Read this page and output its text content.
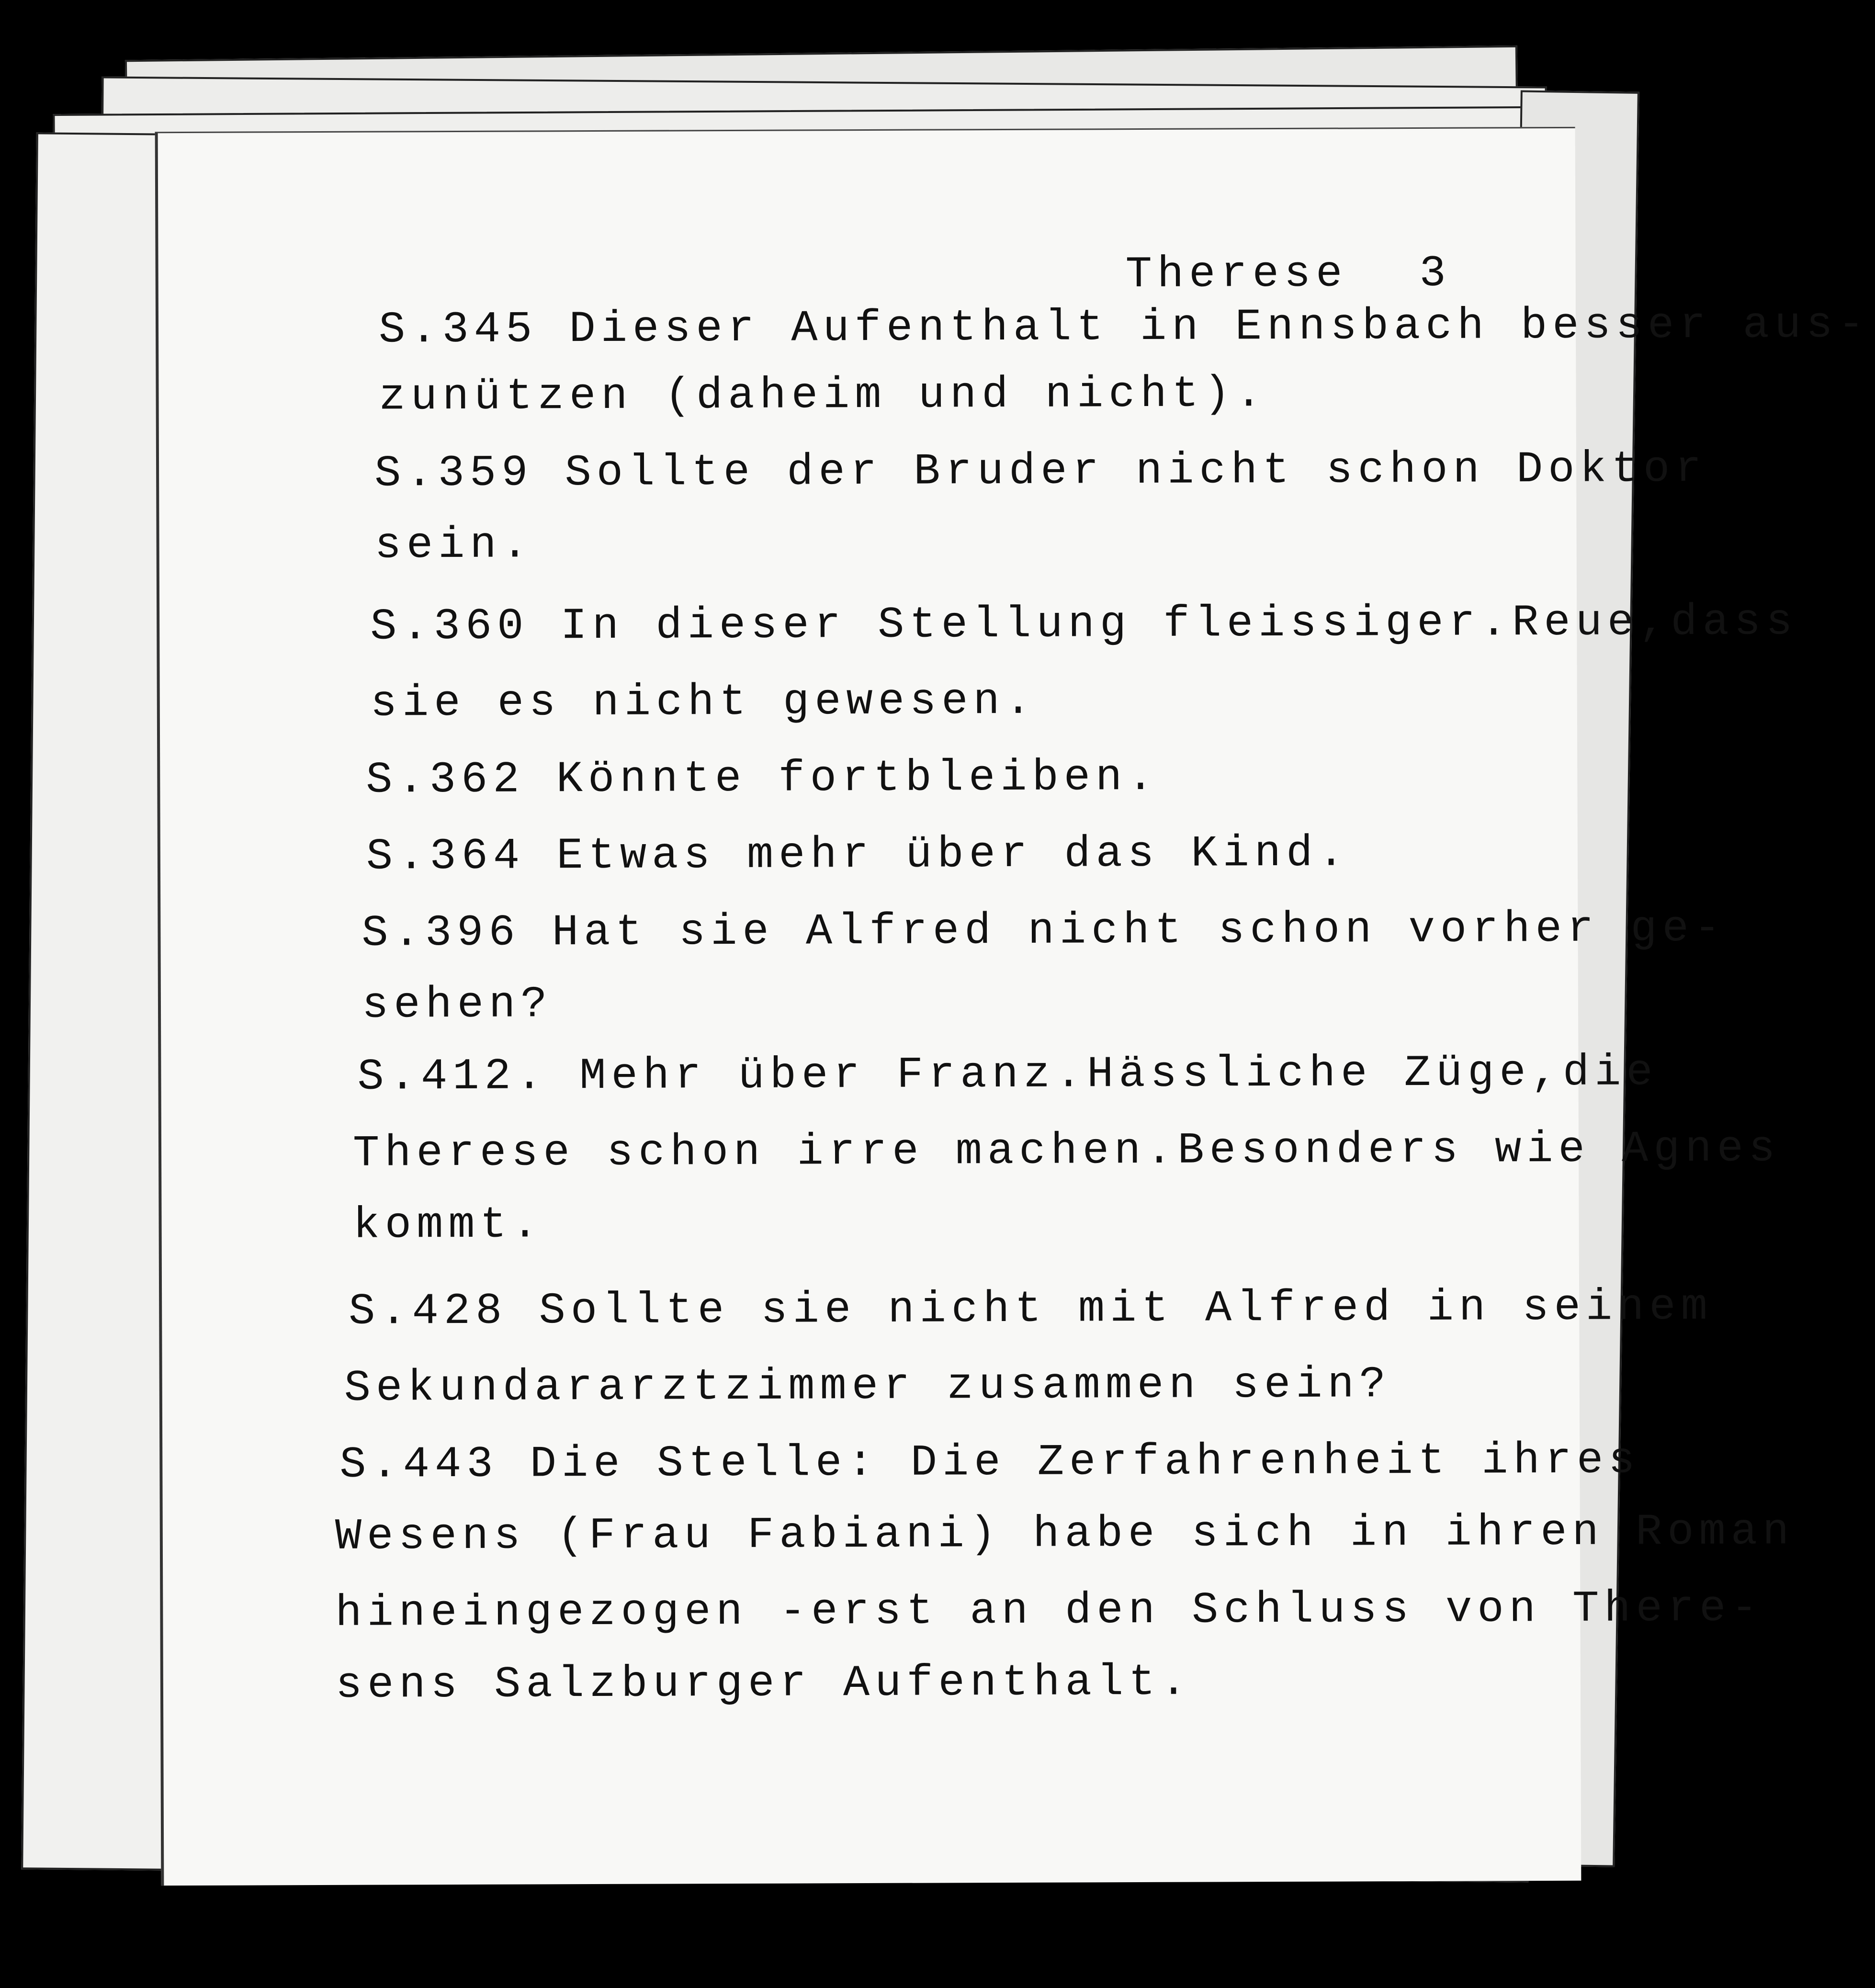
Therese 3
S.345 Dieser Aufenthalt in Ennsbach besser aus-
zunützen (daheim und nicht).
S.359 Sollte der Bruder nicht schon Doktor
sein.
S.360 In dieser Stellung fleissiger.Reue,dass
sie es nicht gewesen.
S.362 Könnte fortbleiben.
S.364 Etwas mehr über das Kind.
S.396 Hat sie Alfred nicht schon vorher ge-
sehen?
S.412. Mehr über Franz.Hässliche Züge,die
Therese schon irre machen.Besonders wie Agnes
kommt.
S.428 Sollte sie nicht mit Alfred in seinem
Sekundararztzimmer zusammen sein?
S.443 Die Stelle: Die Zerfahrenheit ihres
Wesens (Frau Fabiani) habe sich in ihren Roman
hineingezogen -erst an den Schluss von There-
sens Salzburger Aufenthalt.
